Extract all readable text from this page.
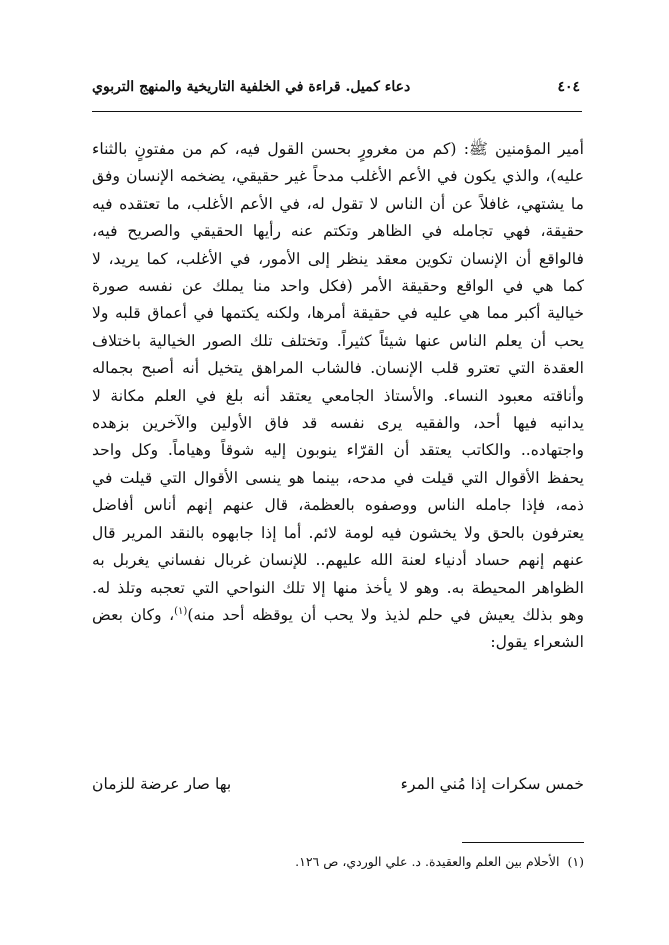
٤٠٤
دعاء كميل. قراءة في الخلفية التاريخية والمنهج التربوي

أمير المؤمنين ﷺ: (كم من مغرورٍ بحسن القول فيه، كم من مفتونٍ بالثناء عليه)، والذي يكون في الأعم الأغلب مدحاً غير حقيقي، يضخمه الإنسان وفق ما يشتهي، غافلاً عن أن الناس لا تقول له، في الأعم الأغلب، ما تعتقده فيه حقيقة، فهي تجامله في الظاهر وتكتم عنه رأيها الحقيقي والصريح فيه، فالواقع أن الإنسان تكوين معقد ينظر إلى الأمور، في الأغلب، كما يريد، لا كما هي في الواقع وحقيقة الأمر (فكل واحد منا يملك عن نفسه صورة خيالية أكبر مما هي عليه في حقيقة أمرها، ولكنه يكتمها في أعماق قلبه ولا يحب أن يعلم الناس عنها شيئاً كثيراً. وتختلف تلك الصور الخيالية باختلاف العقدة التي تعترو قلب الإنسان. فالشاب المراهق يتخيل أنه أصبح بجماله وأناقته معبود النساء. والأستاذ الجامعي يعتقد أنه بلغ في العلم مكانة لا يدانيه فيها أحد، والفقيه يرى نفسه قد فاق الأولين والآخرين بزهده واجتهاده.. والكاتب يعتقد أن القرّاء ينوبون إليه شوقاً وهياماً. وكل واحد يحفظ الأقوال التي قيلت في مدحه، بينما هو ينسى الأقوال التي قيلت في ذمه، فإذا جامله الناس ووصفوه بالعظمة، قال عنهم إنهم أناس أفاضل يعترفون بالحق ولا يخشون فيه لومة لائم. أما إذا جابهوه بالنقد المرير قال عنهم إنهم حساد أدنياء لعنة الله عليهم.. للإنسان غربال نفساني يغربل به الظواهر المحيطة به. وهو لا يأخذ منها إلا تلك النواحي التي تعجبه وتلذ له. وهو بذلك يعيش في حلم لذيذ ولا يحب أن يوقظه أحد منه)$^{(١)}$، وكان بعض الشعراء يقول:

خمس سكرات إذا مُني المرء
بها صار عرضة للزمان
(١)الأحلام بين العلم والعقيدة. د. علي الوردي، ص ١٢٦.
